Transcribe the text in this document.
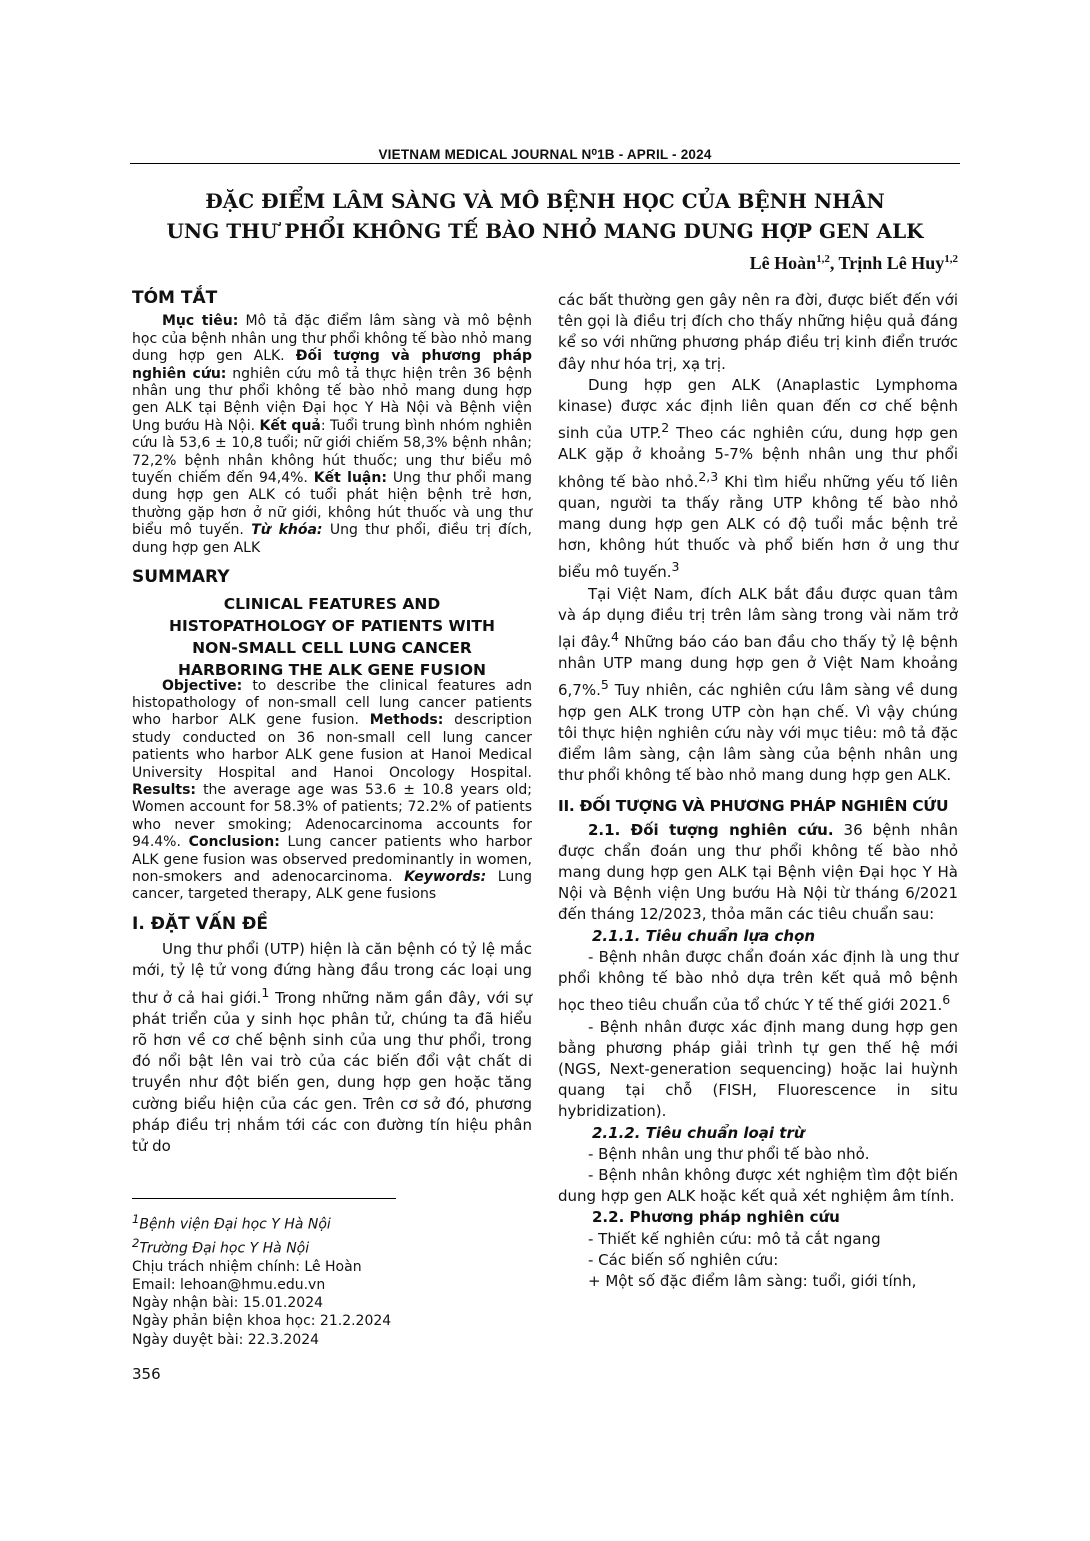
VIETNAM MEDICAL JOURNAL N⁰1B - APRIL - 2024
ĐẶC ĐIỂM LÂM SÀNG VÀ MÔ BỆNH HỌC CỦA BỆNH NHÂN
UNG THƯ PHỔI KHÔNG TẾ BÀO NHỎ MANG DUNG HỢP GEN ALK
Lê Hoàn$^{1,2}$, Trịnh Lê Huy$^{1,2}$
TÓM TẮT

Mục tiêu: Mô tả đặc điểm lâm sàng và mô bệnh học của bệnh nhân ung thư phổi không tế bào nhỏ mang dung hợp gen ALK. Đối tượng và phương pháp nghiên cứu: nghiên cứu mô tả thực hiện trên 36 bệnh nhân ung thư phổi không tế bào nhỏ mang dung hợp gen ALK tại Bệnh viện Đại học Y Hà Nội và Bệnh viện Ung bướu Hà Nội. Kết quả: Tuổi trung bình nhóm nghiên cứu là 53,6 ± 10,8 tuổi; nữ giới chiếm 58,3% bệnh nhân; 72,2% bệnh nhân không hút thuốc; ung thư biểu mô tuyến chiếm đến 94,4%. Kết luận: Ung thư phổi mang dung hợp gen ALK có tuổi phát hiện bệnh trẻ hơn, thường gặp hơn ở nữ giới, không hút thuốc và ung thư biểu mô tuyến. Từ khóa: Ung thư phổi, điều trị đích, dung hợp gen ALK

SUMMARY
CLINICAL FEATURES AND
HISTOPATHOLOGY OF PATIENTS WITH
NON-SMALL CELL LUNG CANCER
HARBORING THE ALK GENE FUSION

Objective: to describe the clinical features adn histopathology of non-small cell lung cancer patients who harbor ALK gene fusion. Methods: description study conducted on 36 non-small cell lung cancer patients who harbor ALK gene fusion at Hanoi Medical University Hospital and Hanoi Oncology Hospital. Results: the average age was 53.6 ± 10.8 years old; Women account for 58.3% of patients; 72.2% of patients who never smoking; Adenocarcinoma accounts for 94.4%. Conclusion: Lung cancer patients who harbor ALK gene fusion was observed predominantly in women, non-smokers and adenocarcinoma. Keywords: Lung cancer, targeted therapy, ALK gene fusions

I. ĐẶT VẤN ĐỀ

Ung thư phổi (UTP) hiện là căn bệnh có tỷ lệ mắc mới, tỷ lệ tử vong đứng hàng đầu trong các loại ung thư ở cả hai giới.$^1$ Trong những năm gần đây, với sự phát triển của y sinh học phân tử, chúng ta đã hiểu rõ hơn về cơ chế bệnh sinh của ung thư phổi, trong đó nổi bật lên vai trò của các biến đổi vật chất di truyền như đột biến gen, dung hợp gen hoặc tăng cường biểu hiện của các gen. Trên cơ sở đó, phương pháp điều trị nhắm tới các con đường tín hiệu phân tử do

$^1$Bệnh viện Đại học Y Hà Nội
$^2$Trường Đại học Y Hà Nội
Chịu trách nhiệm chính: Lê Hoàn
Email: lehoan@hmu.edu.vn
Ngày nhận bài: 15.01.2024
Ngày phản biện khoa học: 21.2.2024
Ngày duyệt bài: 22.3.2024
356

các bất thường gen gây nên ra đời, được biết đến với tên gọi là điều trị đích cho thấy những hiệu quả đáng kể so với những phương pháp điều trị kinh điển trước đây như hóa trị, xạ trị.

Dung hợp gen ALK (Anaplastic Lymphoma kinase) được xác định liên quan đến cơ chế bệnh sinh của UTP.$^2$ Theo các nghiên cứu, dung hợp gen ALK gặp ở khoảng 5-7% bệnh nhân ung thư phổi không tế bào nhỏ.$^{2,3}$ Khi tìm hiểu những yếu tố liên quan, người ta thấy rằng UTP không tế bào nhỏ mang dung hợp gen ALK có độ tuổi mắc bệnh trẻ hơn, không hút thuốc và phổ biến hơn ở ung thư biểu mô tuyến.$^3$

Tại Việt Nam, đích ALK bắt đầu được quan tâm và áp dụng điều trị trên lâm sàng trong vài năm trở lại đây.$^4$ Những báo cáo ban đầu cho thấy tỷ lệ bệnh nhân UTP mang dung hợp gen ở Việt Nam khoảng 6,7%.$^5$ Tuy nhiên, các nghiên cứu lâm sàng về dung hợp gen ALK trong UTP còn hạn chế. Vì vậy chúng tôi thực hiện nghiên cứu này với mục tiêu: mô tả đặc điểm lâm sàng, cận lâm sàng của bệnh nhân ung thư phổi không tế bào nhỏ mang dung hợp gen ALK.

II. ĐỐI TƯỢNG VÀ PHƯƠNG PHÁP NGHIÊN CỨU

2.1. Đối tượng nghiên cứu. 36 bệnh nhân được chẩn đoán ung thư phổi không tế bào nhỏ mang dung hợp gen ALK tại Bệnh viện Đại học Y Hà Nội và Bệnh viện Ung bướu Hà Nội từ tháng 6/2021 đến tháng 12/2023, thỏa mãn các tiêu chuẩn sau:

2.1.1. Tiêu chuẩn lựa chọn

- Bệnh nhân được chẩn đoán xác định là ung thư phổi không tế bào nhỏ dựa trên kết quả mô bệnh học theo tiêu chuẩn của tổ chức Y tế thế giới 2021.$^6$

- Bệnh nhân được xác định mang dung hợp gen bằng phương pháp giải trình tự gen thế hệ mới (NGS, Next-generation sequencing) hoặc lai huỳnh quang tại chỗ (FISH, Fluorescence in situ hybridization).

2.1.2. Tiêu chuẩn loại trừ

- Bệnh nhân ung thư phổi tế bào nhỏ.

- Bệnh nhân không được xét nghiệm tìm đột biến dung hợp gen ALK hoặc kết quả xét nghiệm âm tính.

2.2. Phương pháp nghiên cứu

- Thiết kế nghiên cứu: mô tả cắt ngang

- Các biến số nghiên cứu:

+ Một số đặc điểm lâm sàng: tuổi, giới tính,
